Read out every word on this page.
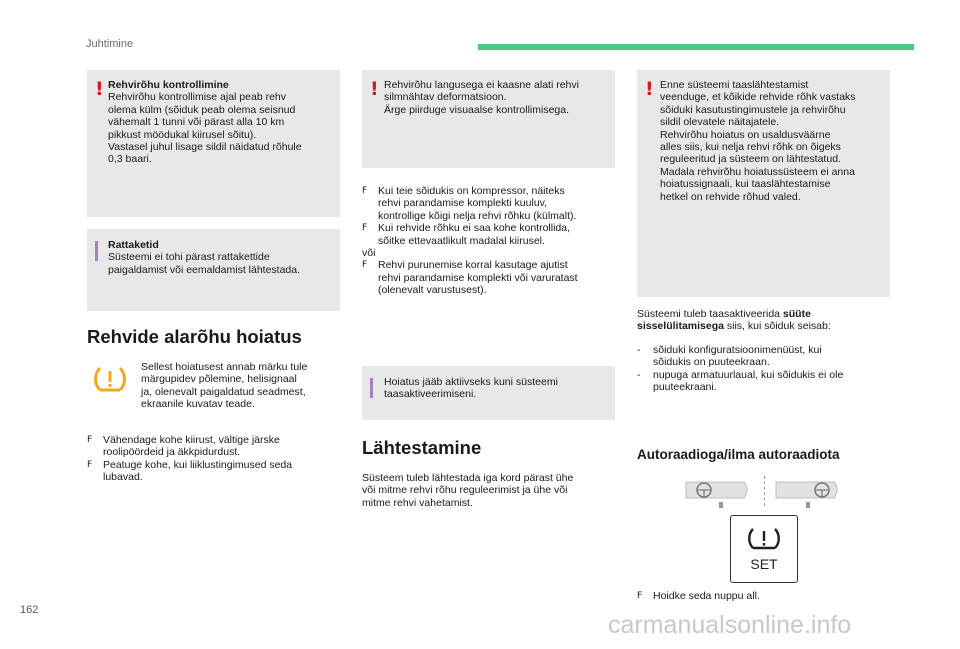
Juhtimine
! Rehvirõhu kontrollimine
Rehvirõhu kontrollimise ajal peab rehv
olema külm (sõiduk peab olema seisnud
vähemalt 1 tunni või pärast alla 10 km
pikkust möödukal kiirusel sõitu).
Vastasel juhul lisage sildil näidatud rõhule
0,3 baari.
Rattaketid
Süsteemi ei tohi pärast rattakettide
paigaldamist või eemaldamist lähtestada.
Rehvide alarõhu hoiatus
Sellest hoiatusest annab märku tule
märgupidev põlemine, helisignaal
ja, olenevalt paigaldatud seadmest,
ekraanile kuvatav teade.
F	Vähendage kohe kiirust, vältige järske
roolipöördeid ja äkkpidurdust.
F	Peatuge kohe, kui liiklustingimused seda
lubavad.
! Rehvirõhu langusega ei kaasne alati rehvi
silmnähtav deformatsioon.
Ärge piirduge visuaalse kontrollimisega.
F	Kui teie sõidukis on kompressor, näiteks
rehvi parandamise komplekti kuuluv,
kontrollige kõigi nelja rehvi rõhku (külmalt).
F	Kui rehvide rõhku ei saa kohe kontrollida,
sõitke ettevaatlikult madalal kiirusel.
või
F	Rehvi purunemise korral kasutage ajutist
rehvi parandamise komplekti või varuratast
(olenevalt varustusest).
Hoiatus jääb aktiivseks kuni süsteemi
taasaktiveerimiseni.
Lähtestamine
Süsteem tuleb lähtestada iga kord pärast ühe
või mitme rehvi rõhu reguleerimist ja ühe või
mitme rehvi vahetamist.
! Enne süsteemi taaslähtestamist
veenduge, et kõikide rehvide rõhk vastaks
sõiduki kasutustingimustele ja rehvirõhu
sildil olevatele näitajatele.
Rehvirõhu hoiatus on usaldusväärne
alles siis, kui nelja rehvi rõhk on õigeks
reguleeritud ja süsteem on lähtestatud.
Madala rehvirõhu hoiatussüsteem ei anna
hoiatussignaali, kui taaslähtestamise
hetkel on rehvide rõhud valed.
Süsteemi tuleb taasaktiveerida süüte
sisselülitamisega siis, kui sõiduk seisab:
-	sõiduki konfiguratsioonimenüüst, kui
sõidukis on puuteekraan.
-	nupuga armatuurlaual, kui sõidukis ei ole
puuteekraani.
Autoraadioga/ilma autoraadiota
SET
F	Hoidke seda nuppu all.
162
carmanualsonline.info
